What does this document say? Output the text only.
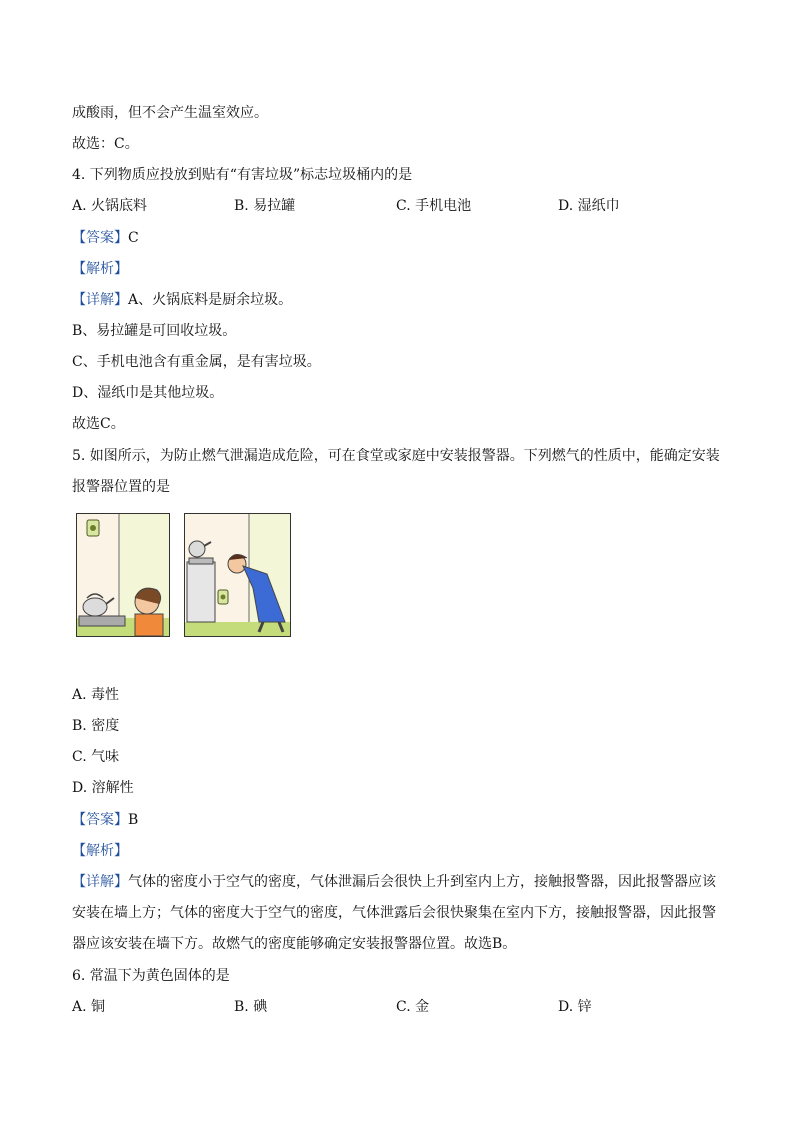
成酸雨，但不会产生温室效应。
故选：C。
4. 下列物质应投放到贴有“有害垃圾”标志垃圾桶内的是
A. 火锅底料	B. 易拉罐	C. 手机电池	D. 湿纸巾
【答案】C
【解析】
【详解】A、火锅底料是厨余垃圾。
B、易拉罐是可回收垃圾。
C、手机电池含有重金属，是有害垃圾。
D、湿纸巾是其他垃圾。
故选C。
5. 如图所示，为防止燃气泄漏造成危险，可在食堂或家庭中安装报警器。下列燃气的性质中，能确定安装
报警器位置的是
A. 毒性
B. 密度
C. 气味
D. 溶解性
【答案】B
【解析】
【详解】气体的密度小于空气的密度，气体泄漏后会很快上升到室内上方，接触报警器，因此报警器应该
安装在墙上方；气体的密度大于空气的密度，气体泄露后会很快聚集在室内下方，接触报警器，因此报警
器应该安装在墙下方。故燃气的密度能够确定安装报警器位置。故选B。
6. 常温下为黄色固体的是
A. 铜	B. 碘	C. 金	D. 锌
